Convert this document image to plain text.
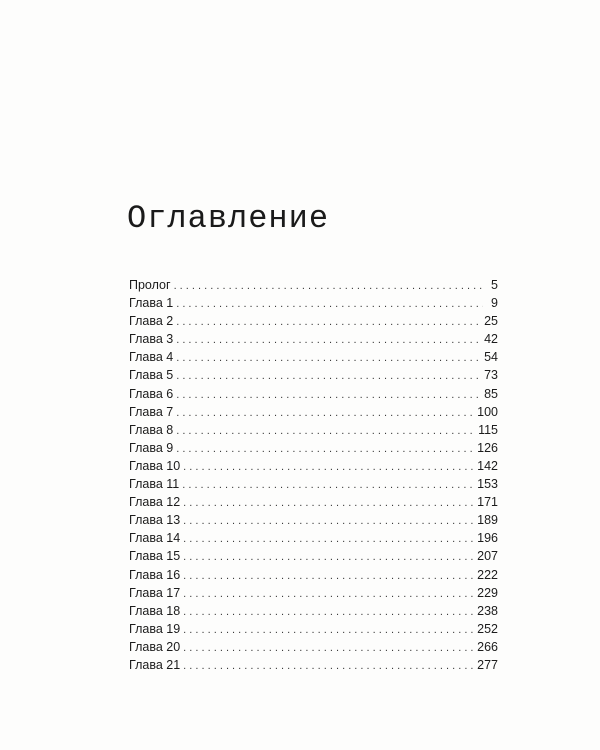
Оглавление
Пролог . . .	5
Глава 1 . . .	9
Глава 2 . . .	25
Глава 3 . . .	42
Глава 4 . . .	54
Глава 5 . . .	73
Глава 6 . . .	85
Глава 7 . . .	100
Глава 8 . . .	115
Глава 9 . . .	126
Глава 10 . . .	142
Глава 11 . . .	153
Глава 12 . . .	171
Глава 13 . . .	189
Глава 14 . . .	196
Глава 15 . . .	207
Глава 16 . . .	222
Глава 17 . . .	229
Глава 18 . . .	238
Глава 19 . . .	252
Глава 20 . . .	266
Глава 21 . . .	277
